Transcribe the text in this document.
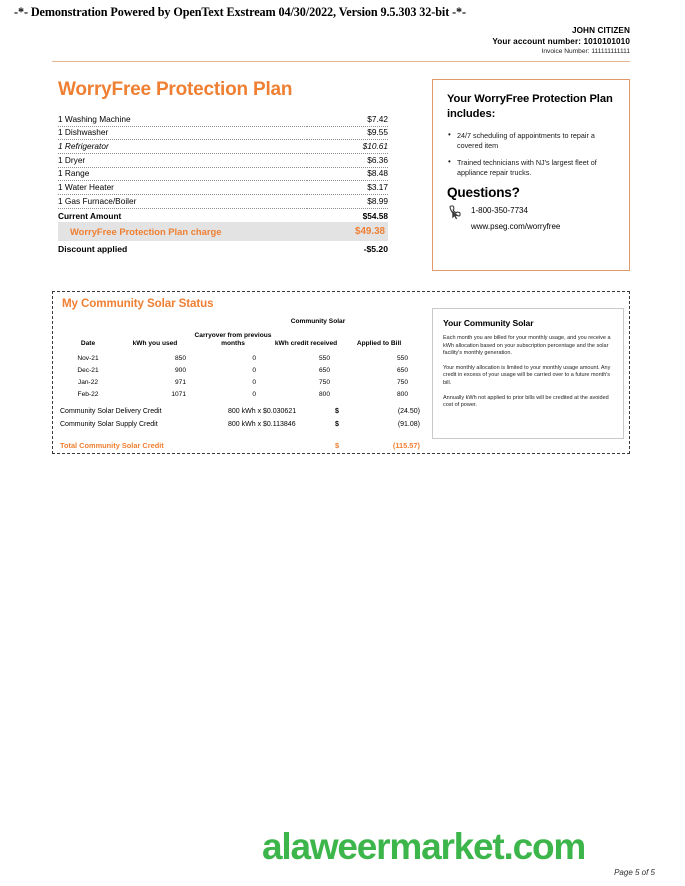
-*- Demonstration Powered by OpenText Exstream 04/30/2022, Version 9.5.303 32-bit -*-
JOHN CITIZEN
Your account number: 1010101010
Invoice Number: 111111111111
WorryFree Protection Plan
1 Washing Machine	$7.42
1 Dishwasher	$9.55
1 Refrigerator	$10.61
1 Dryer	$6.36
1 Range	$8.48
1 Water Heater	$3.17
1 Gas Furnace/Boiler	$8.99
Current Amount	$54.58
WorryFree Protection Plan charge	$49.38
Discount applied	-$5.20
Your WorryFree Protection Plan includes:
• 24/7 scheduling of appointments to repair a covered item
• Trained technicians with NJ's largest fleet of appliance repair trucks.
Questions?
1-800-350-7734
www.pseg.com/worryfree
My Community Solar Status
Community Solar
Date	kWh you used	Carryover from previous months	kWh credit received	Applied to Bill
Nov-21	850	0	550	550
Dec-21	900	0	650	650
Jan-22	971	0	750	750
Feb-22	1071	0	800	800
Community Solar Delivery Credit	800 kWh x $0.030621	$	(24.50)
Community Solar Supply Credit	800 kWh x $0.113846	$	(91.08)
Total Community Solar Credit	$	(115.57)
Your Community Solar

Each month you are billed for your monthly usage, and you receive a kWh allocation based on your subscription percentage and the solar facility's monthly generation.

Your monthly allocation is limited to your monthly usage amount. Any credit in excess of your usage will be carried over to a future month's bill.

Annually kWh not applied to prior bills will be credited at the avoided cost of power.

alaweermarket.com
Page 5 of 5
